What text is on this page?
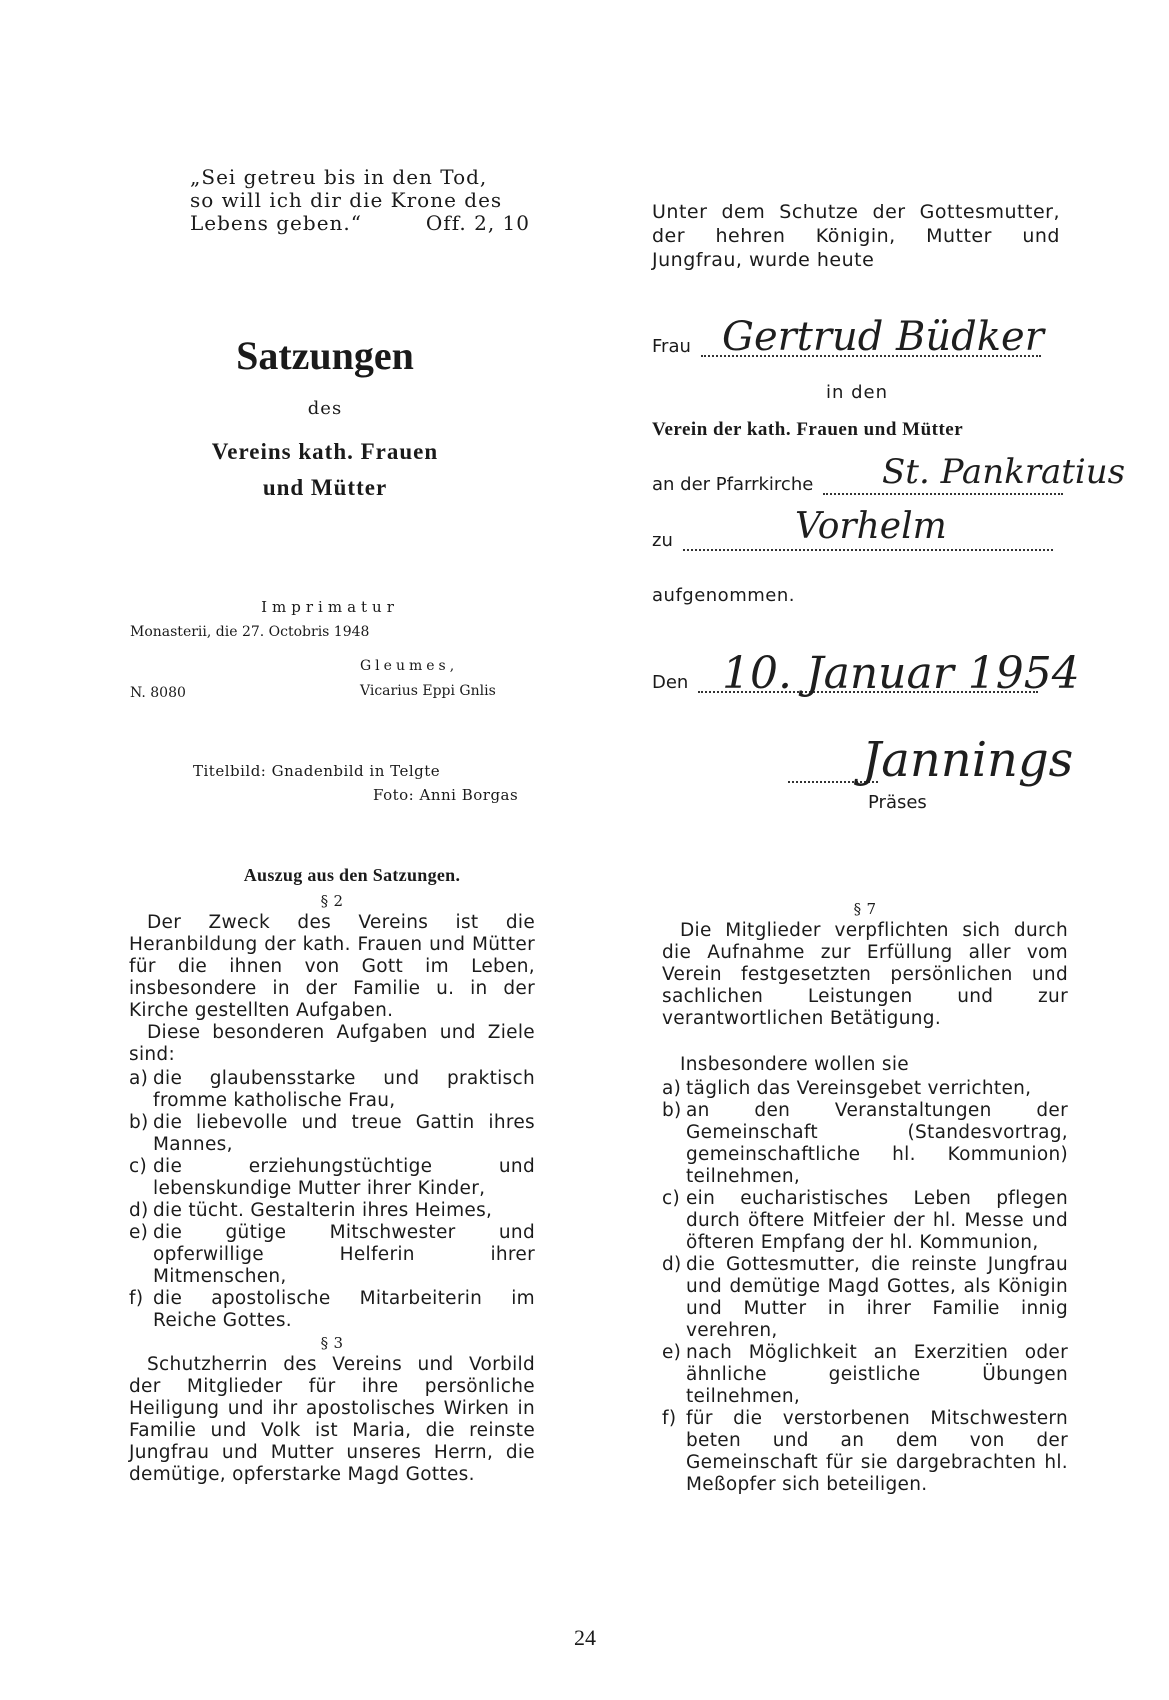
„Sei getreu bis in den Tod,
so will ich dir die Krone des
Lebens geben.“	Off. 2, 10
Satzungen
des
Vereins kath. Frauen
und Mütter
Imprimatur
Monasterii, die 27. Octobris 1948
Gleumes,
N. 8080	Vicarius Eppi Gnlis
Titelbild: Gnadenbild in Telgte
Foto: Anni Borgas
Unter dem Schutze der Gottesmutter, der hehren Königin, Mutter und Jungfrau, wurde heute
Frau Gertrud Büdker
in den
Verein der kath. Frauen und Mütter
an der Pfarrkirche St. Pankratius
zu	Vorhelm
aufgenommen.
Den 10. Januar 1954
Jannings
Präses
Auszug aus den Satzungen.
§ 2

Der Zweck des Vereins ist die Heranbildung der kath. Frauen und Mütter für die ihnen von Gott im Leben, insbesondere in der Familie u. in der Kirche gestellten Aufgaben.

Diese besonderen Aufgaben und Ziele sind:

a) die glaubensstarke und praktisch fromme katholische Frau,
b) die liebevolle und treue Gattin ihres Mannes,
c) die erziehungstüchtige und lebenskundige Mutter ihrer Kinder,
d) die tücht. Gestalterin ihres Heimes,
e) die gütige Mitschwester und opferwillige Helferin ihrer Mitmenschen,
f) die apostolische Mitarbeiterin im Reiche Gottes.
§ 3

Schutzherrin des Vereins und Vorbild der Mitglieder für ihre persönliche Heiligung und ihr apostolisches Wirken in Familie und Volk ist Maria, die reinste Jungfrau und Mutter unseres Herrn, die demütige, opferstarke Magd Gottes.

§ 7

Die Mitglieder verpflichten sich durch die Aufnahme zur Erfüllung aller vom Verein festgesetzten persönlichen und sachlichen Leistungen und zur verantwortlichen Betätigung.

Insbesondere wollen sie

a) täglich das Vereinsgebet verrichten,
b) an den Veranstaltungen der Gemeinschaft (Standesvortrag, gemeinschaftliche hl. Kommunion) teilnehmen,
c) ein eucharistisches Leben pflegen durch öftere Mitfeier der hl. Messe und öfteren Empfang der hl. Kommunion,
d) die Gottesmutter, die reinste Jungfrau und demütige Magd Gottes, als Königin und Mutter in ihrer Familie innig verehren,
e) nach Möglichkeit an Exerzitien oder ähnliche geistliche Übungen teilnehmen,
f) für die verstorbenen Mitschwestern beten und an dem von der Gemeinschaft für sie dargebrachten hl. Meßopfer sich beteiligen.
24
